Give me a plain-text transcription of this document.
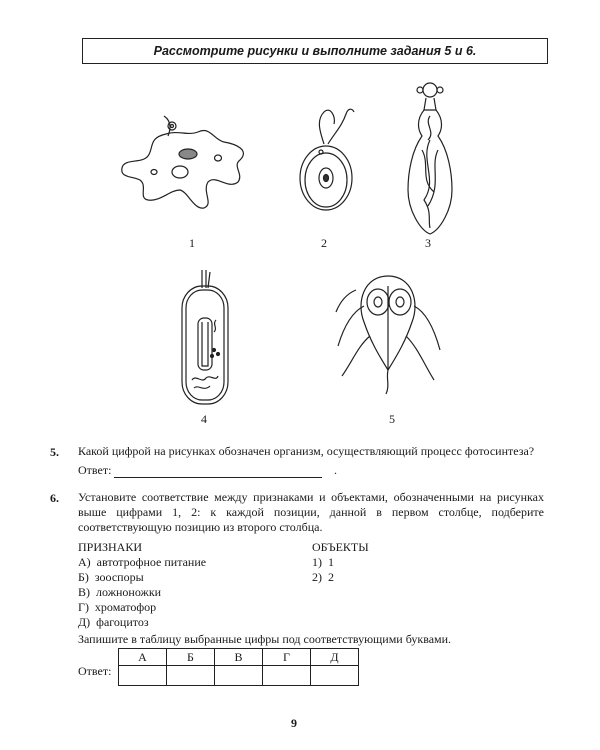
Рассмотрите рисунки и выполните задания 5 и 6.
1	2	3
4	5
5. Какой цифрой на рисунках обозначен организм, осуществляющий процесс фотосинтеза?
Ответ:	.
6. Установите соответствие между признаками и объектами, обозначенными на рисунках выше цифрами 1, 2: к каждой позиции, данной в первом столбце, подберите соответствующую позицию из второго столбца.
ПРИЗНАКИ	ОБЪЕКТЫ
А)  автотрофное питание
Б)  зооспоры
В)  ложноножки
Г)  хроматофор
Д)  фагоцитоз
1)  1
2)  2
Запишите в таблицу выбранные цифры под соответствующими буквами.
Ответ:
А	Б	В	Г	Д

9
